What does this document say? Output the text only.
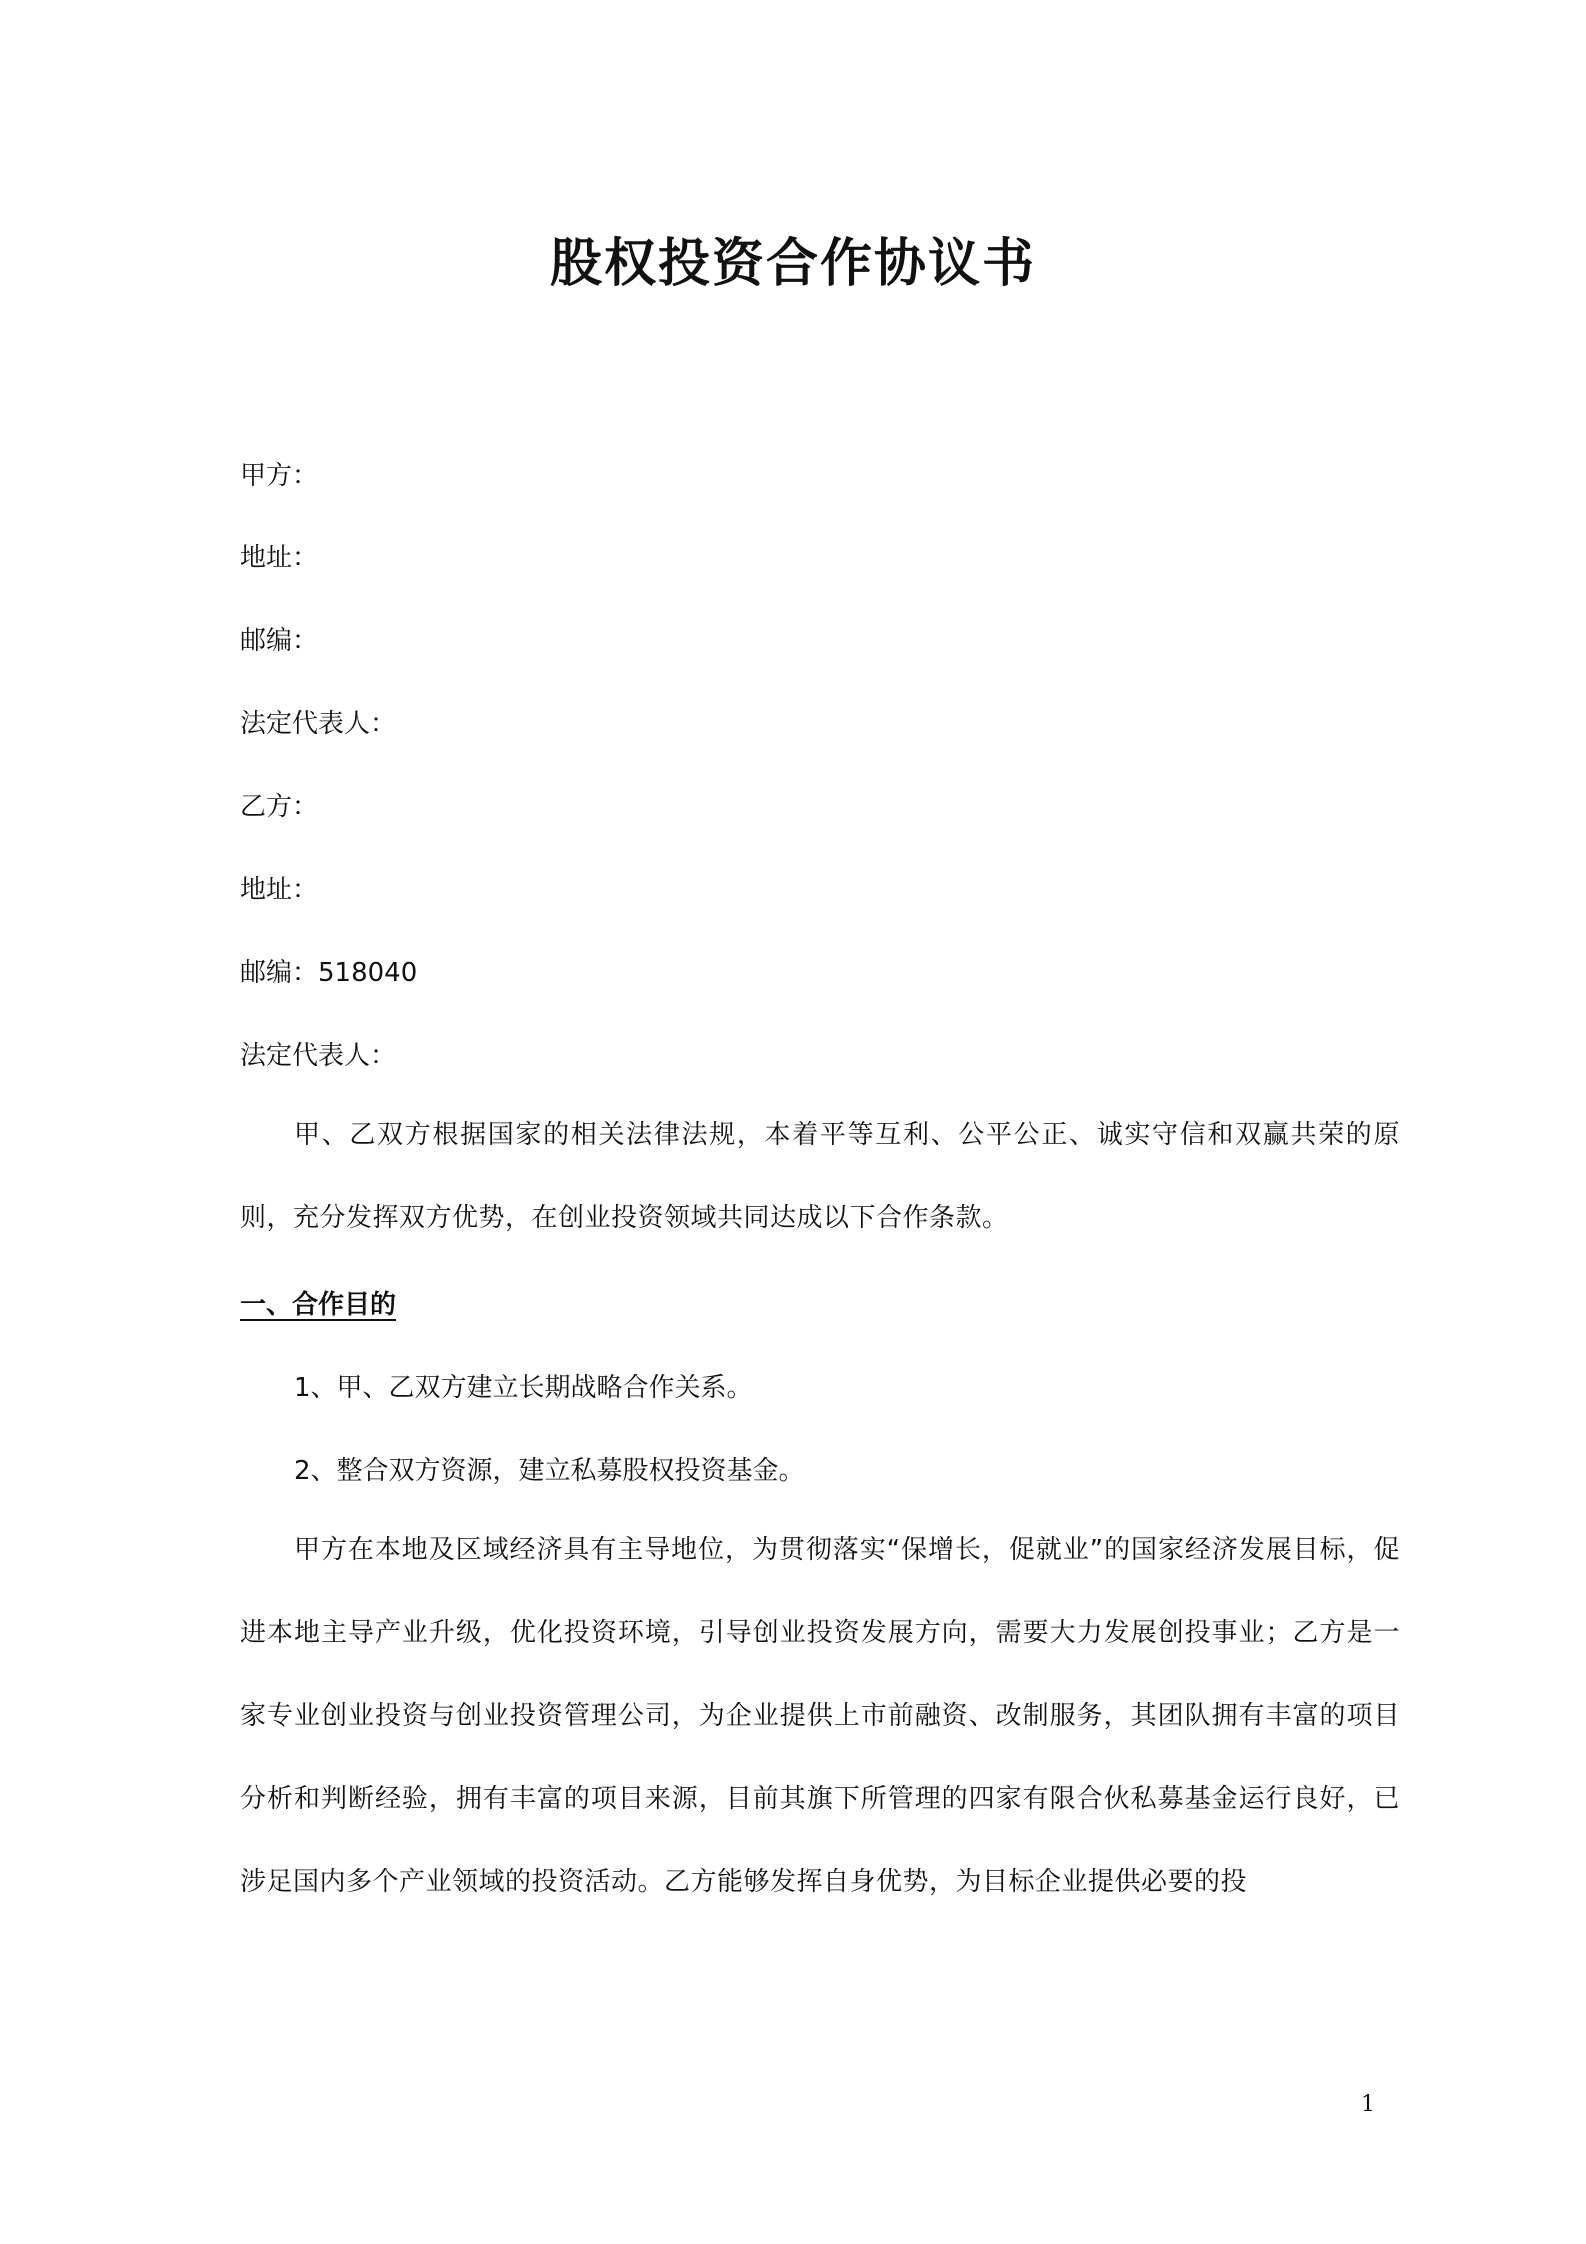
股权投资合作协议书
甲方：
地址：
邮编：
法定代表人：
乙方：
地址：
邮编：518040
法定代表人：
甲、乙双方根据国家的相关法律法规，本着平等互利、公平公正、诚实守信和双赢共荣的原则，充分发挥双方优势，在创业投资领域共同达成以下合作条款。
一、合作目的
1、甲、乙双方建立长期战略合作关系。
2、整合双方资源，建立私募股权投资基金。
甲方在本地及区域经济具有主导地位，为贯彻落实“保增长，促就业”的国家经济发展目标，促进本地主导产业升级，优化投资环境，引导创业投资发展方向，需要大力发展创投事业；乙方是一家专业创业投资与创业投资管理公司，为企业提供上市前融资、改制服务，其团队拥有丰富的项目分析和判断经验，拥有丰富的项目来源，目前其旗下所管理的四家有限合伙私募基金运行良好，已涉足国内多个产业领域的投资活动。乙方能够发挥自身优势，为目标企业提供必要的投
1
